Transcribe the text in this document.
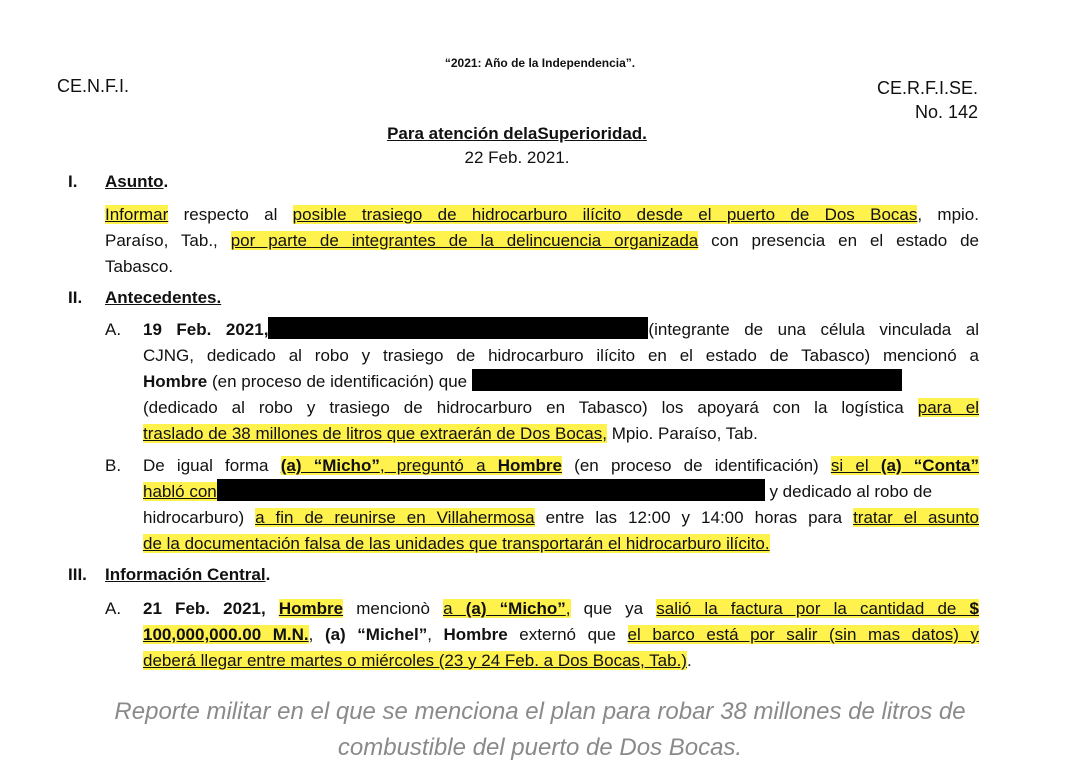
“2021: Año de la Independencia”.
CE.N.F.I.	CE.R.F.I.SE.
No. 142
Para atención delaSuperioridad.
22 Feb. 2021.
I. Asunto.
Informar respecto al posible trasiego de hidrocarburo ilícito desde el puerto de Dos Bocas, mpio.
Paraíso, Tab., por parte de integrantes de la delincuencia organizada con presencia en el estado de
Tabasco.
II. Antecedentes.
A. 19 Feb. 2021,	(integrante de una célula vinculada al
CJNG, dedicado al robo y trasiego de hidrocarburo ilícito en el estado de Tabasco) mencionó a
Hombre (en proceso de identificación) que
(dedicado al robo y trasiego de hidrocarburo en Tabasco) los apoyará con la logística para el
traslado de 38 millones de litros que extraerán de Dos Bocas, Mpio. Paraíso, Tab.
B. De igual forma (a) “Micho”, preguntó a Hombre (en proceso de identificación) si el (a) “Conta”
habló con	y dedicado al robo de
hidrocarburo) a fin de reunirse en Villahermosa entre las 12:00 y 14:00 horas para tratar el asunto
de la documentación falsa de las unidades que transportarán el hidrocarburo ilícito.
III. Información Central.
A. 21 Feb. 2021, Hombre mencionò a (a) “Micho”, que ya salió la factura por la cantidad de $
100,000,000.00 M.N., (a) “Michel”, Hombre externó que el barco está por salir (sin mas datos) y
deberá llegar entre martes o miércoles (23 y 24 Feb. a Dos Bocas, Tab.).
Reporte militar en el que se menciona el plan para robar 38 millones de litros de
combustible del puerto de Dos Bocas.
